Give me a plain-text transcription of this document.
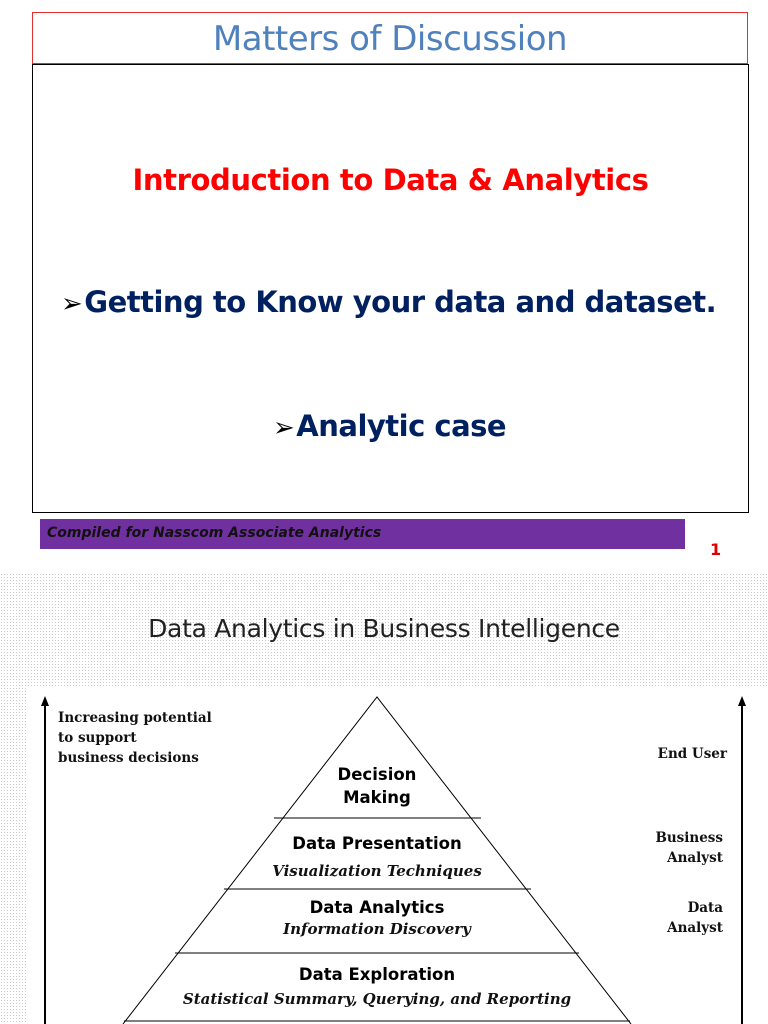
Matters of Discussion
Introduction to Data & Analytics
➢Getting to Know your data and dataset.
➢Analytic case
Compiled for Nasscom Associate Analytics
1
Data Analytics in Business Intelligence
Increasing potential
to support
business decisions
Decision
Making
Data Presentation
Visualization Techniques
Data Analytics
Information Discovery
Data Exploration
Statistical Summary, Querying, and Reporting
End User
Business
Analyst
Data
Analyst
